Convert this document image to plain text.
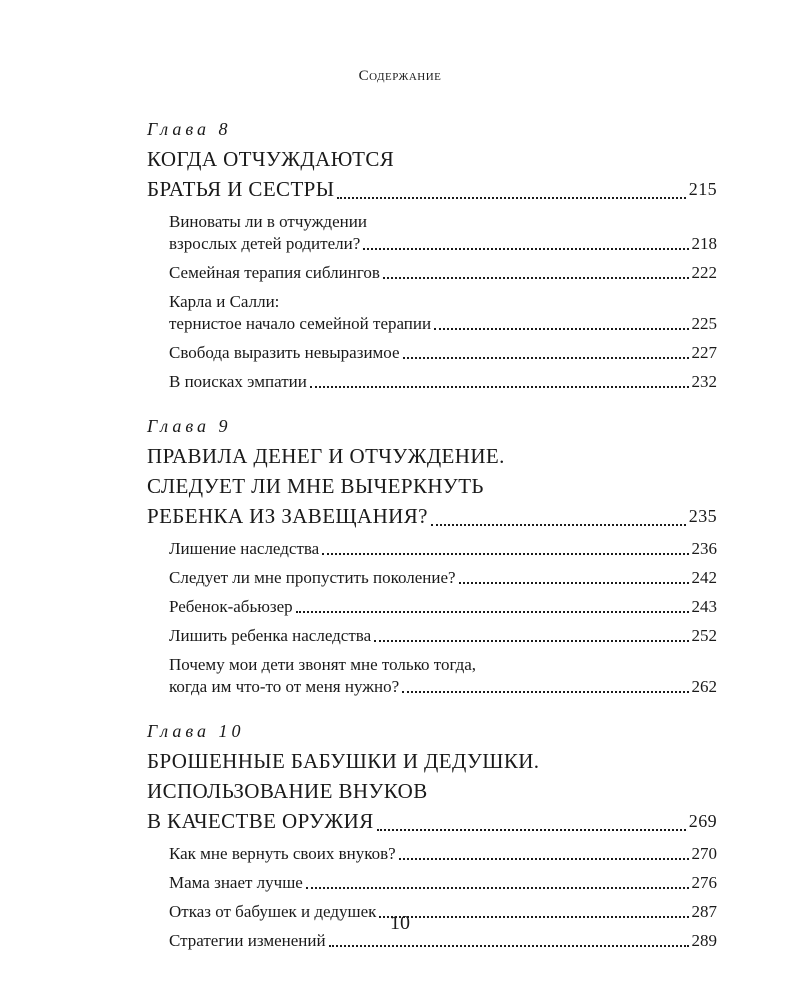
Содержание
Глава 8
КОГДА ОТЧУЖДАЮТСЯ
БРАТЬЯ И СЕСТРЫ	215
Виноваты ли в отчуждении
взрослых детей родители?	218
Семейная терапия сиблингов	222
Карла и Салли:
тернистое начало семейной терапии	225
Свобода выразить невыразимое	227
В поисках эмпатии	232
Глава 9
ПРАВИЛА ДЕНЕГ И ОТЧУЖДЕНИЕ.
СЛЕДУЕТ ЛИ МНЕ ВЫЧЕРКНУТЬ
РЕБЕНКА ИЗ ЗАВЕЩАНИЯ?	235
Лишение наследства	236
Следует ли мне пропустить поколение?	242
Ребенок-абьюзер	243
Лишить ребенка наследства	252
Почему мои дети звонят мне только тогда,
когда им что-то от меня нужно?	262
Глава 10
БРОШЕННЫЕ БАБУШКИ И ДЕДУШКИ.
ИСПОЛЬЗОВАНИЕ ВНУКОВ
В КАЧЕСТВЕ ОРУЖИЯ	269
Как мне вернуть своих внуков?	270
Мама знает лучше	276
Отказ от бабушек и дедушек	287
Стратегии изменений	289
10
